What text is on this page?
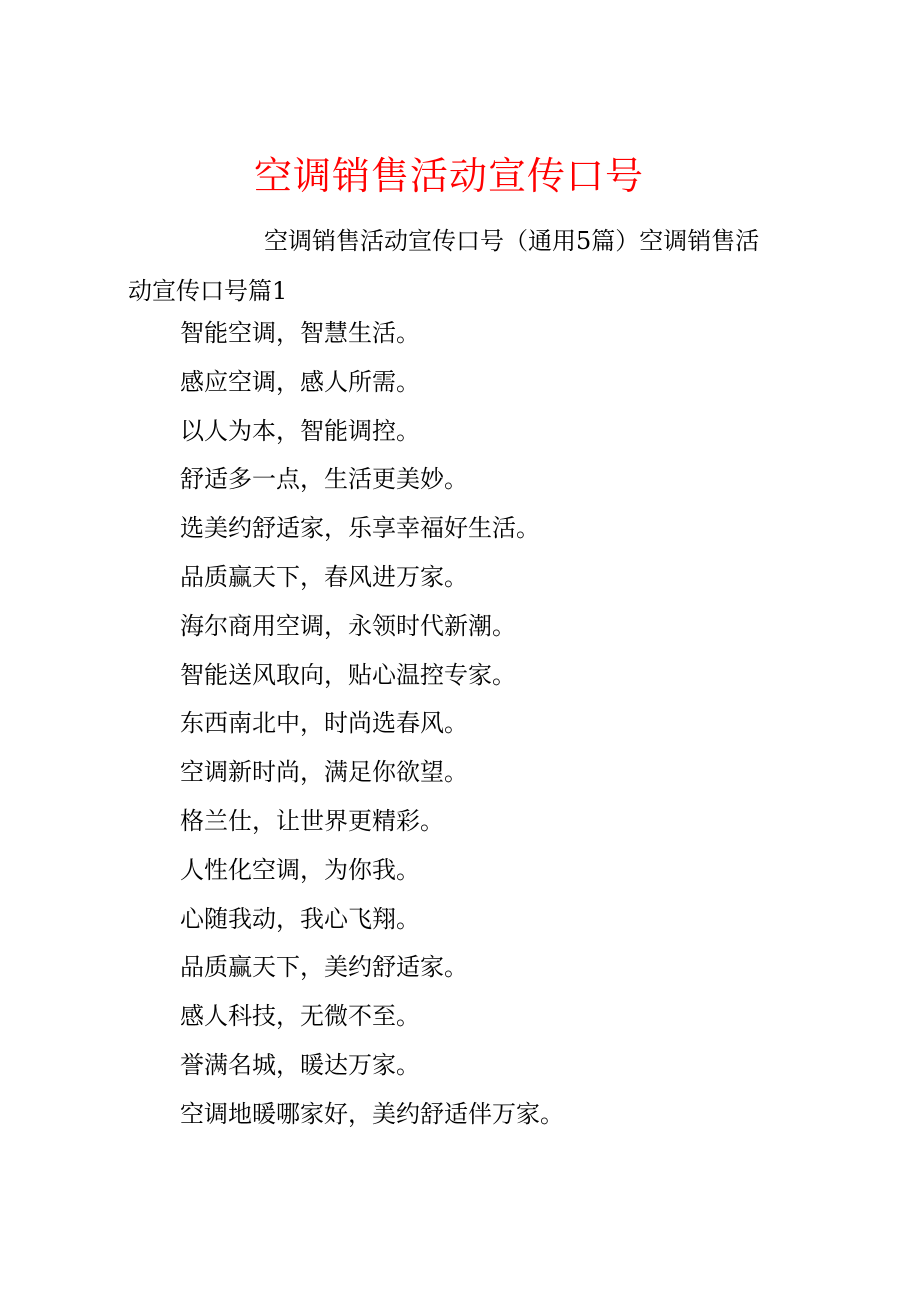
空调销售活动宣传口号
空调销售活动宣传口号（通用5篇）空调销售活动宣传口号篇1
智能空调，智慧生活。
感应空调，感人所需。
以人为本，智能调控。
舒适多一点，生活更美妙。
选美约舒适家，乐享幸福好生活。
品质赢天下，春风进万家。
海尔商用空调，永领时代新潮。
智能送风取向，贴心温控专家。
东西南北中，时尚选春风。
空调新时尚，满足你欲望。
格兰仕，让世界更精彩。
人性化空调，为你我。
心随我动，我心飞翔。
品质赢天下，美约舒适家。
感人科技，无微不至。
誉满名城，暖达万家。
空调地暖哪家好，美约舒适伴万家。
